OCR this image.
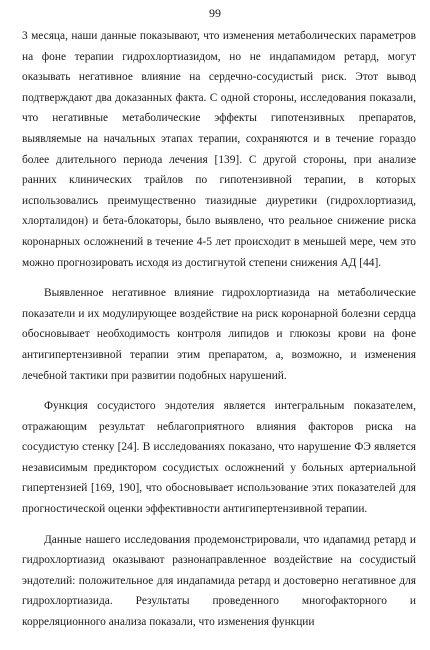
99

3 месяца, наши данные показывают, что изменения метаболических параметров на фоне терапии гидрохлортиазидом, но не индапамидом ретард, могут оказывать негативное влияние на сердечно-сосудистый риск. Этот вывод подтверждают два доказанных факта. С одной стороны, исследования показали, что негативные метаболические эффекты гипотензивных препаратов, выявляемые на начальных этапах терапии, сохраняются и в течение гораздо более длительного периода лечения [139]. С другой стороны, при анализе ранних клинических трайлов по гипотензивной терапии, в которых использовались преимущественно тиазидные диуретики (гидрохлортиазид, хлорталидон) и бета-блокаторы, было выявлено, что реальное снижение риска коронарных осложнений в течение 4-5 лет происходит в меньшей мере, чем это можно прогнозировать исходя из достигнутой степени снижения АД [44].

Выявленное негативное влияние гидрохлортиазида на метаболические показатели и их модулирующее воздействие на риск коронарной болезни сердца обосновывает необходимость контроля липидов и глюкозы крови на фоне антигипертензивной терапии этим препаратом, а, возможно, и изменения лечебной тактики при развитии подобных нарушений.

Функция сосудистого эндотелия является интегральным показателем, отражающим результат неблагоприятного влияния факторов риска на сосудистую стенку [24]. В исследованиях показано, что нарушение ФЭ является независимым предиктором сосудистых осложнений у больных артериальной гипертензией [169, 190], что обосновывает использование этих показателей для прогностической оценки эффективности антигипертензивной терапии.

Данные нашего исследования продемонстрировали, что идапамид ретард и гидрохлортиазид оказывают разнонаправленное воздействие на сосудистый эндотелий: положительное для индапамида ретард и достоверно негативное для гидрохлортиазида. Результаты проведенного многофакторного и корреляционного анализа показали, что изменения функции
